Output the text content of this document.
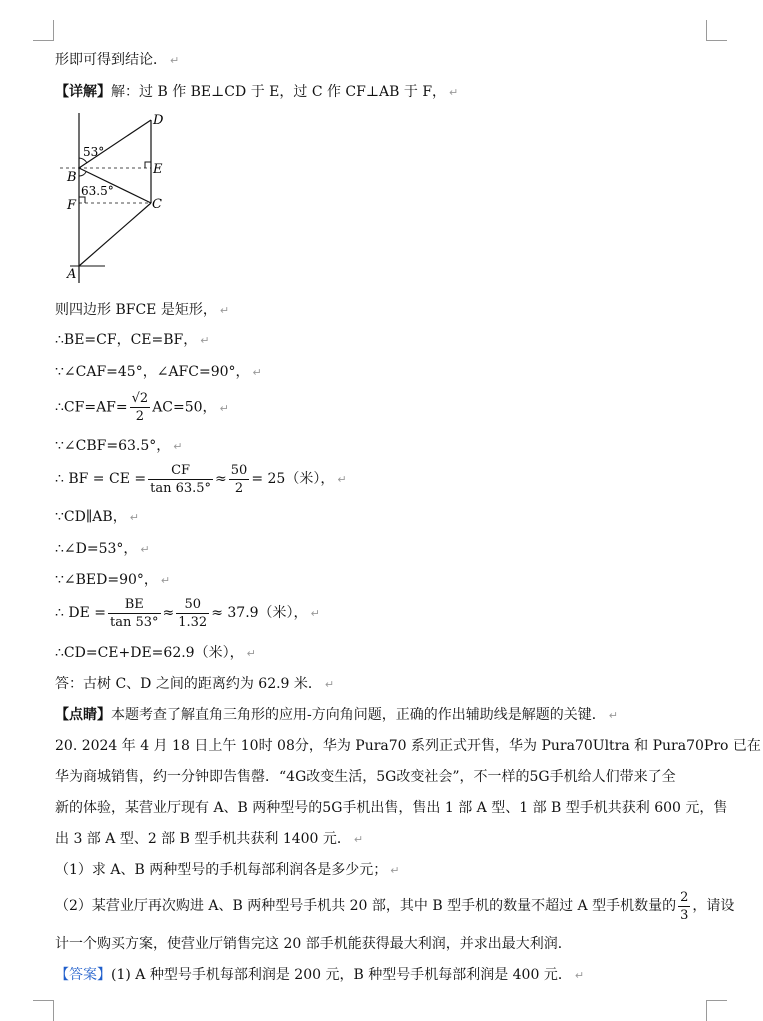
形即可得到结论． ↵
【详解】解：过 B 作 BE⊥CD 于 E，过 C 作 CF⊥AB 于 F， ↵
D
E
B
F	C
A
53°
63.5°
则四边形 BFCE 是矩形， ↵
∴BE=CF，CE=BF， ↵
∵∠CAF=45°，∠AFC=90°， ↵
∴CF=AF= $\frac{√2}{2} AC=50$， ↵
∵∠CBF=63.5°， ↵
∴ BF = CE = $\frac{CF}{\tan 63.5^\circ} \approx \frac{50}{2} = 25$（米）， ↵
∵CD∥AB， ↵
∴∠D=53°， ↵
∵∠BED=90°， ↵
∴ DE = $\frac{BE}{\tan 53^\circ} \approx \frac{50}{1.32} \approx 37.9$（米）， ↵
∴CD=CE+DE=62.9（米）， ↵
答：古树 C、D 之间的距离约为 62.9 米． ↵
【点睛】本题考查了解直角三角形的应用-方向角问题，正确的作出辅助线是解题的关键． ↵
20. 2024 年 4 月 18 日上午 10时 08分，华为 Pura70 系列正式开售，华为 Pura70Ultra 和 Pura70Pro 已在
华为商城销售，约一分钟即告售罄．“4G改变生活，5G改变社会”，不一样的5G手机给人们带来了全
新的体验，某营业厅现有 A、B 两种型号的5G手机出售，售出 1 部 A 型、1 部 B 型手机共获利 600 元，售
出 3 部 A 型、2 部 B 型手机共获利 1400 元． ↵
（1）求 A、B 两种型号的手机每部利润各是多少元； ↵
（2）某营业厅再次购进 A、B 两种型号手机共 20 部，其中 B 型手机的数量不超过 A 型手机数量的 $\frac{2}{3}$ ，请设
计一个购买方案，使营业厅销售完这 20 部手机能获得最大利润，并求出最大利润．
【答案】(1) A 种型号手机每部利润是 200 元，B 种型号手机每部利润是 400 元． ↵
